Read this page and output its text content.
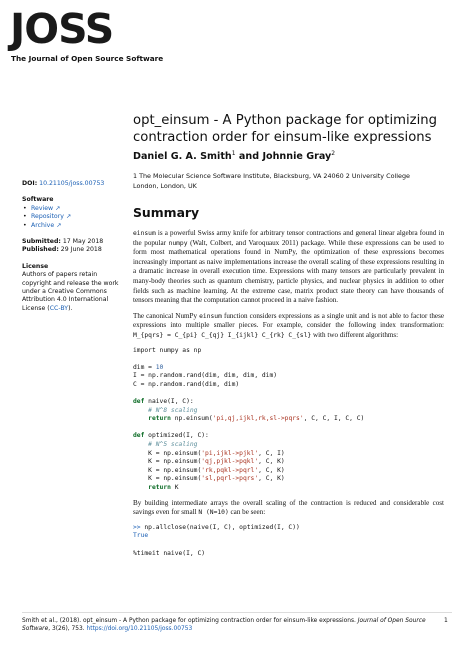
JOSS
The Journal of Open Source Software
opt_einsum - A Python package for optimizing contraction order for einsum-like expressions
Daniel G. A. Smith$^1$ and Johnnie Gray$^2$
1 The Molecular Science Software Institute, Blacksburg, VA 24060 2 University College London, London, UK
DOI: 10.21105/joss.00753
Software
• Review ↗
• Repository ↗
• Archive ↗
Submitted: 17 May 2018
Published: 29 June 2018
License
Authors of papers retain copyright and release the work under a Creative Commons Attribution 4.0 International License (CC-BY).
Summary

einsum is a powerful Swiss army knife for arbitrary tensor contractions and general linear algebra found in the popular numpy (Walt, Colbert, and Varoquaux 2011) package. While these expressions can be used to form most mathematical operations found in NumPy, the optimization of these expressions becomes increasingly important as naive implementations increase the overall scaling of these expressions resulting in a dramatic increase in overall execution time. Expressions with many tensors are particularly prevalent in many-body theories such as quantum chemistry, particle physics, and nuclear physics in addition to other fields such as machine learning. At the extreme case, matrix product state theory can have thousands of tensors meaning that the computation cannot proceed in a naive fashion.

The canonical NumPy einsum function considers expressions as a single unit and is not able to factor these expressions into multiple smaller pieces. For example, consider the following index transformation: M_{pqrs} = C_{pi} C_{qj} I_{ijkl} C_{rk} C_{sl} with two different algorithms:

import numpy as np

dim = 10
I = np.random.rand(dim, dim, dim, dim)
C = np.random.rand(dim, dim)

def naive(I, C):
# N^8 scaling
return np.einsum('pi,qj,ijkl,rk,sl->pqrs', C, C, I, C, C)

def optimized(I, C):
# N^5 scaling
K = np.einsum('pi,ijkl->pjkl', C, I)
K = np.einsum('qj,pjkl->pqkl', C, K)
K = np.einsum('rk,pqkl->pqrl', C, K)
K = np.einsum('sl,pqrl->pqrs', C, K)
return K

By building intermediate arrays the overall scaling of the contraction is reduced and considerable cost savings even for small N (N=10) can be seen:

>> np.allclose(naive(I, C), optimized(I, C))
True

%timeit naive(I, C)
Smith et al., (2018). opt_einsum - A Python package for optimizing contraction order for einsum-like expressions. Journal of Open Source Software, 3(26), 753. https://doi.org/10.21105/joss.00753
1
